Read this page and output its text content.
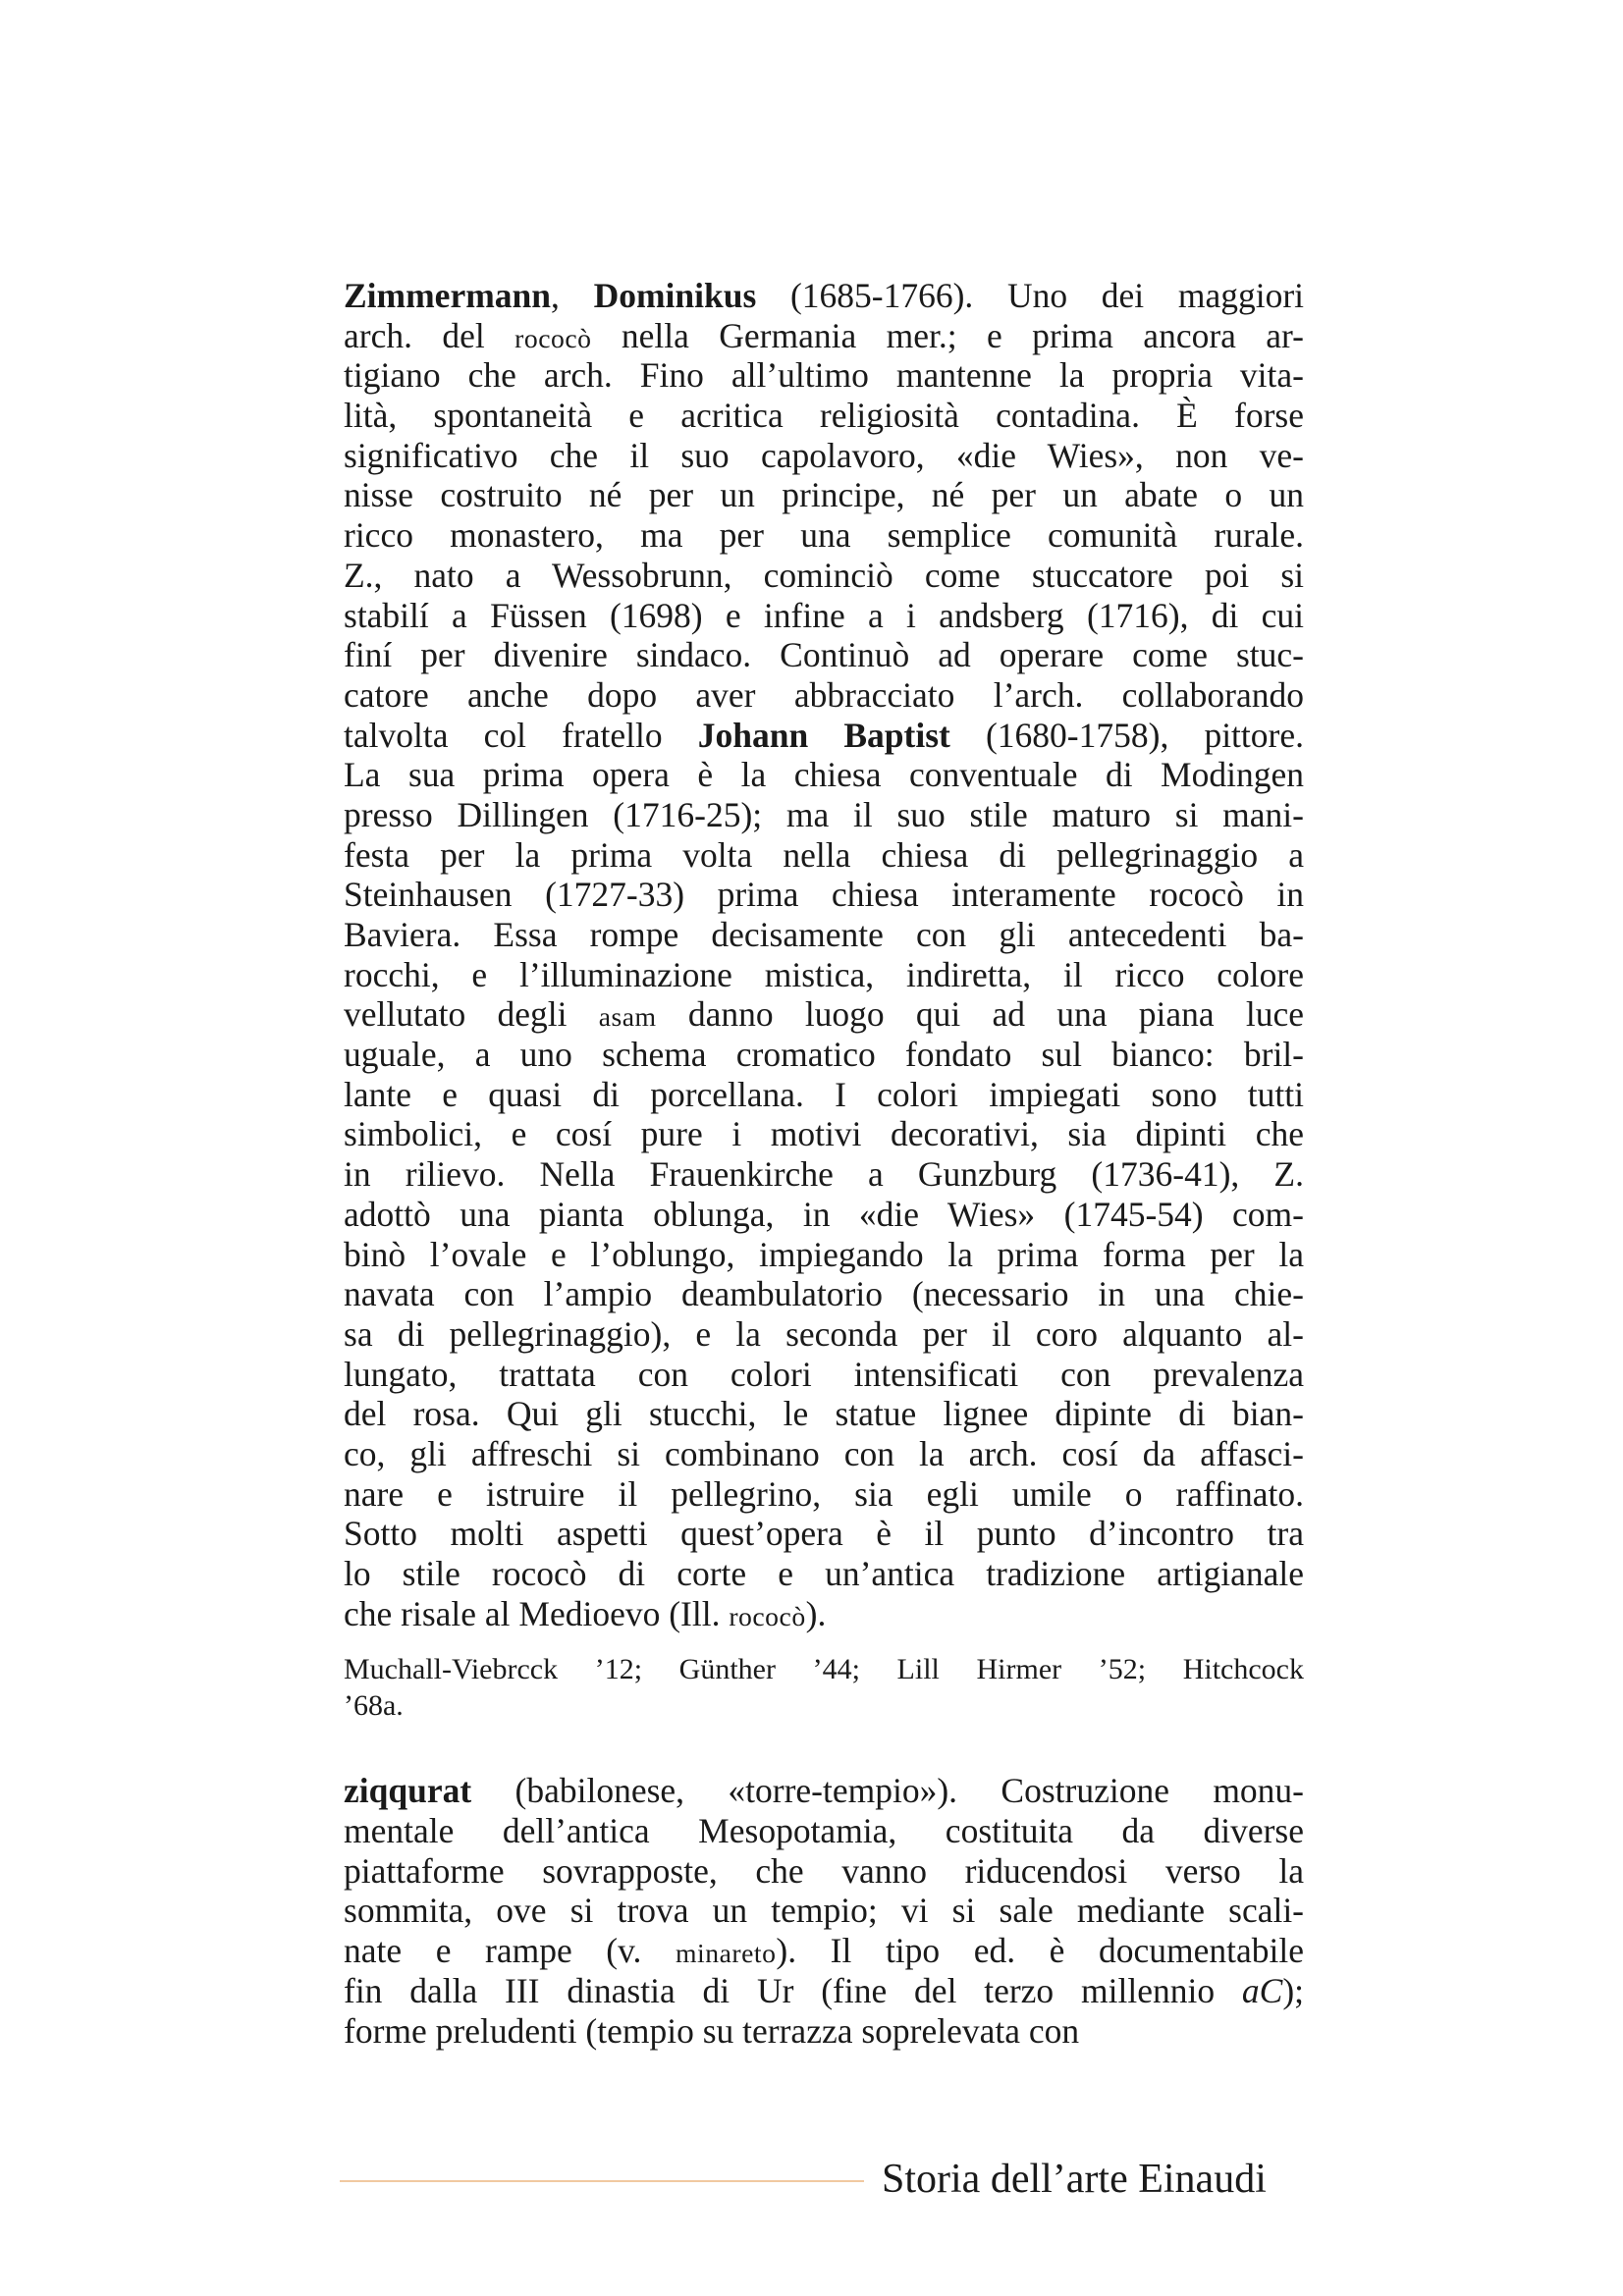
Zimmermann, Dominikus (1685-1766). Uno dei maggiori
arch. del rococò nella Germania mer.; e prima ancora ar-
tigiano che arch. Fino all’ultimo mantenne la propria vita-
lità, spontaneità e acritica religiosità contadina. È forse
significativo che il suo capolavoro, «die Wies», non ve-
nisse costruito né per un principe, né per un abate o un
ricco monastero, ma per una semplice comunità rurale.
Z., nato a Wessobrunn, cominciò come stuccatore poi si
stabilí a Füssen (1698) e infine a i andsberg (1716), di cui
finí per divenire sindaco. Continuò ad operare come stuc-
catore anche dopo aver abbracciato l’arch. collaborando
talvolta col fratello Johann Baptist (1680-1758), pittore.
La sua prima opera è la chiesa conventuale di Modingen
presso Dillingen (1716-25); ma il suo stile maturo si mani-
festa per la prima volta nella chiesa di pellegrinaggio a
Steinhausen (1727-33) prima chiesa interamente rococò in
Baviera. Essa rompe decisamente con gli antecedenti ba-
rocchi, e l’illuminazione mistica, indiretta, il ricco colore
vellutato degli asam danno luogo qui ad una piana luce
uguale, a uno schema cromatico fondato sul bianco: bril-
lante e quasi di porcellana. I colori impiegati sono tutti
simbolici, e cosí pure i motivi decorativi, sia dipinti che
in rilievo. Nella Frauenkirche a Gunzburg (1736-41), Z.
adottò una pianta oblunga, in «die Wies» (1745-54) com-
binò l’ovale e l’oblungo, impiegando la prima forma per la
navata con l’ampio deambulatorio (necessario in una chie-
sa di pellegrinaggio), e la seconda per il coro alquanto al-
lungato, trattata con colori intensificati con prevalenza
del rosa. Qui gli stucchi, le statue lignee dipinte di bian-
co, gli affreschi si combinano con la arch. cosí da affasci-
nare e istruire il pellegrino, sia egli umile o raffinato.
Sotto molti aspetti quest’opera è il punto d’incontro tra
lo stile rococò di corte e un’antica tradizione artigianale
che risale al Medioevo (Ill. rococò).
Muchall-Viebrcck ’12; Günther ’44; Lill Hirmer ’52; Hitchcock
’68a.
ziqqurat (babilonese, «torre-tempio»). Costruzione monu-
mentale dell’antica Mesopotamia, costituita da diverse
piattaforme sovrapposte, che vanno riducendosi verso la
sommita, ove si trova un tempio; vi si sale mediante scali-
nate e rampe (v. minareto). Il tipo ed. è documentabile
fin dalla III dinastia di Ur (fine del terzo millennio aC);
forme preludenti (tempio su terrazza soprelevata con
Storia dell’arte Einaudi
